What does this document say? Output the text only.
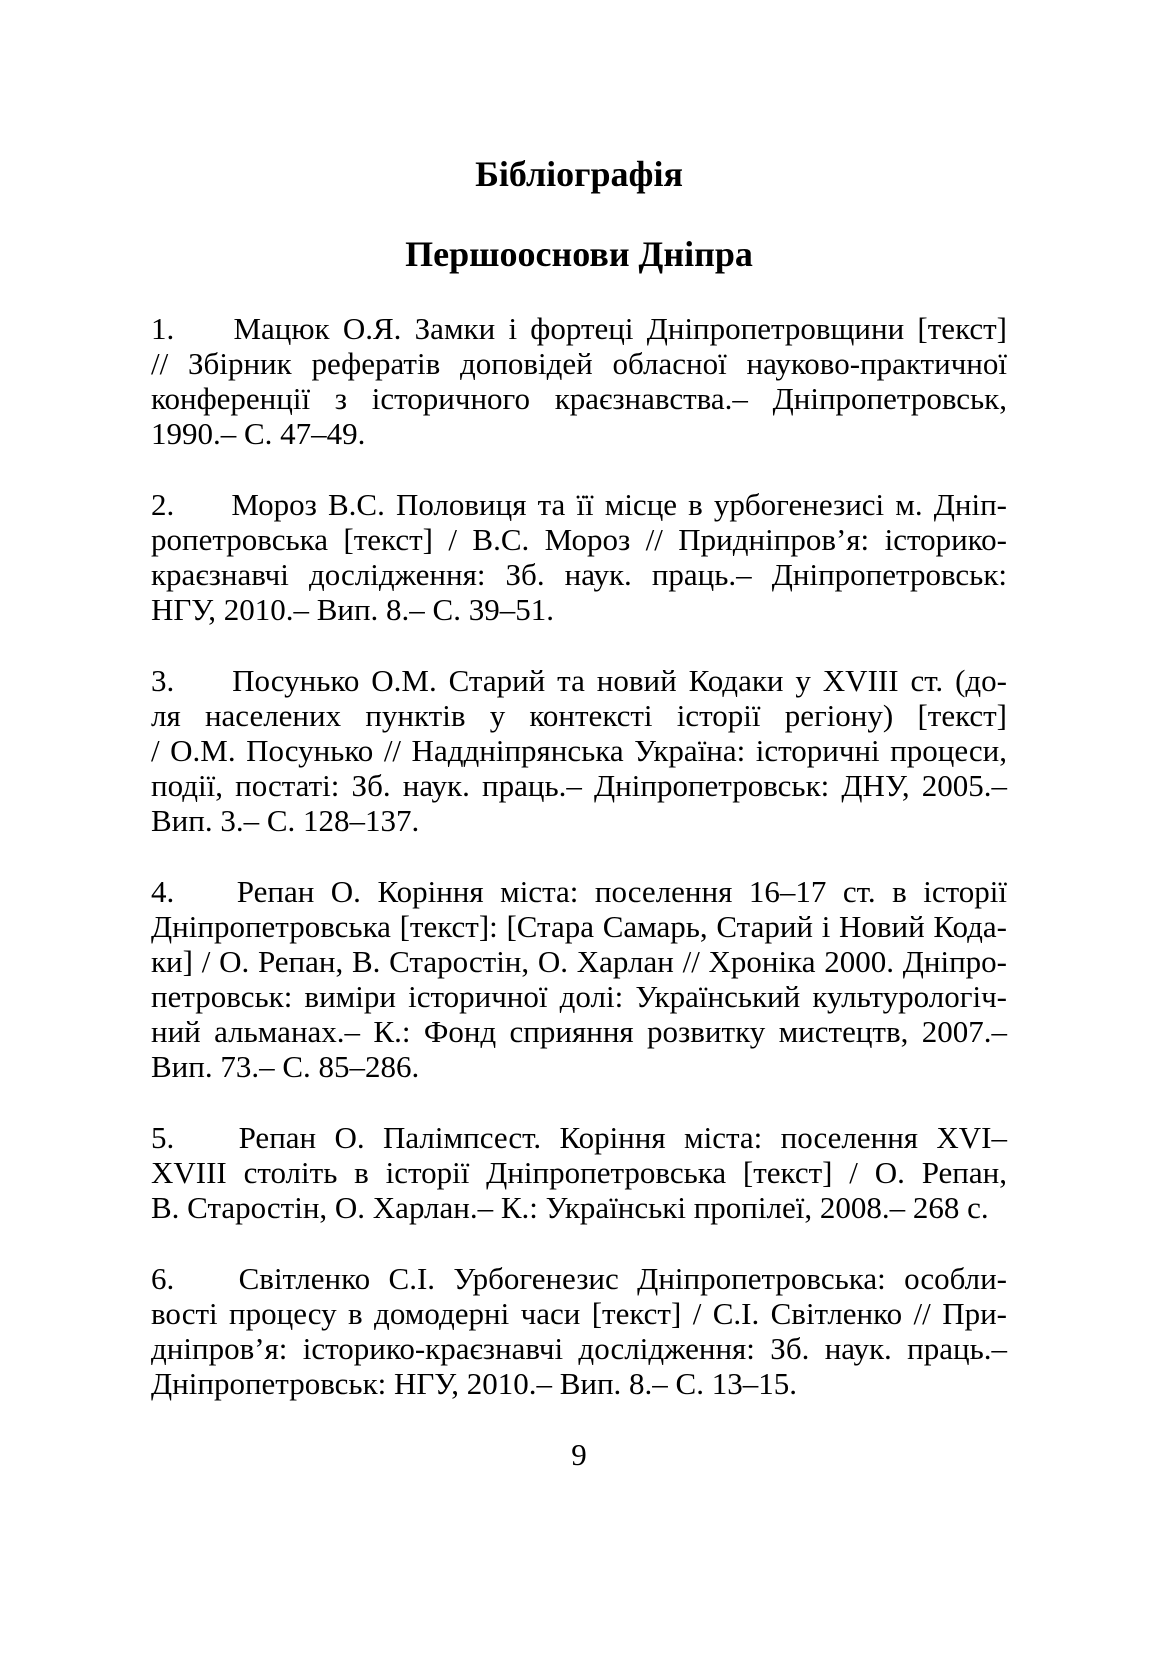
Бібліографія
Першооснови Дніпра
1. Мацюк О.Я. Замки і фортеці Дніпропетровщини [текст]
// Збірник рефератів доповідей обласної науково-практичної
конференції з історичного краєзнавства.– Дніпропетровськ,
1990.– С. 47–49.
2. Мороз В.С. Половиця та її місце в урбогенезисі м. Дніп-
ропетровська [текст] / В.С. Мороз // Придніпров’я: історико-
краєзнавчі дослідження: Зб. наук. праць.– Дніпропетровськ:
НГУ, 2010.– Вип. 8.– С. 39–51.
3. Посунько О.М. Старий та новий Кодаки у XVIII ст. (до-
ля населених пунктів у контексті історії регіону) [текст]
/ О.М. Посунько // Наддніпрянська Україна: історичні процеси,
події, постаті: Зб. наук. праць.– Дніпропетровськ: ДНУ, 2005.–
Вип. 3.– С. 128–137.
4. Репан О. Коріння міста: поселення 16–17 ст. в історії
Дніпропетровська [текст]: [Стара Самарь, Старий і Новий Кода-
ки] / О. Репан, В. Старостін, О. Харлан // Хроніка 2000. Дніпро-
петровськ: виміри історичної долі: Український культурологіч-
ний альманах.– К.: Фонд сприяння розвитку мистецтв, 2007.–
Вип. 73.– С. 85–286.
5. Репан О. Палімпсест. Коріння міста: поселення XVI–
XVIII століть в історії Дніпропетровська [текст] / О. Репан,
В. Старостін, О. Харлан.– К.: Українські пропілеї, 2008.– 268 с.
6. Світленко С.І. Урбогенезис Дніпропетровська: особли-
вості процесу в домодерні часи [текст] / С.І. Світленко // При-
дніпров’я: історико-краєзнавчі дослідження: Зб. наук. праць.–
Дніпропетровськ: НГУ, 2010.– Вип. 8.– С. 13–15.
9
